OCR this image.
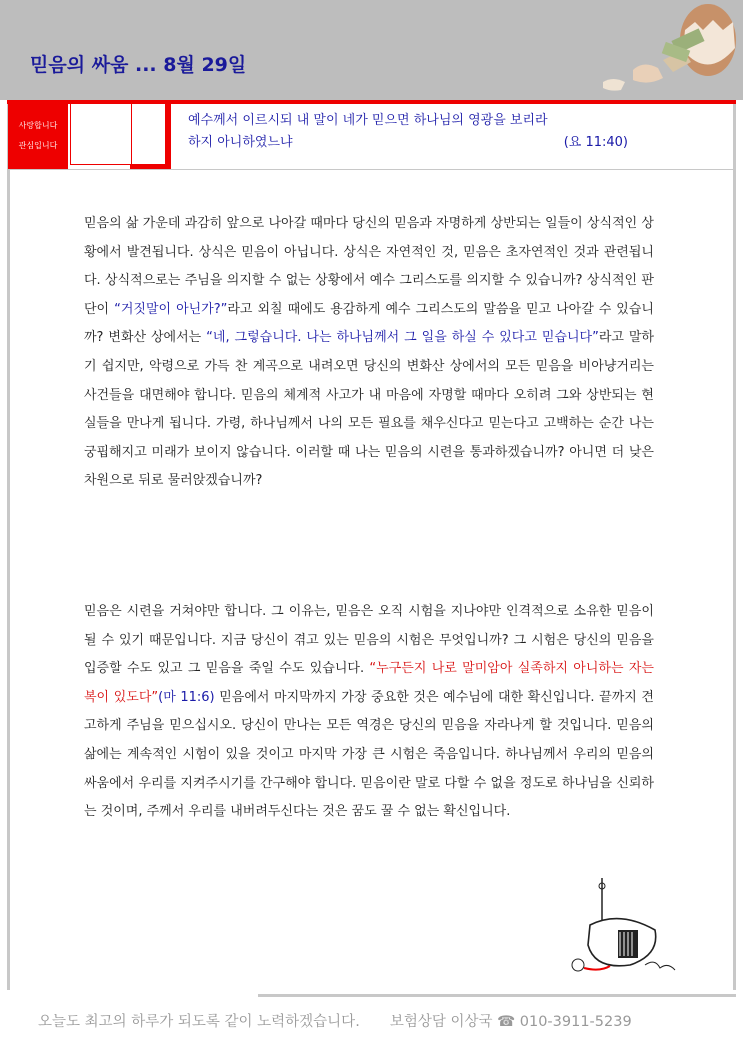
믿음의 싸움 ... 8월 29일
사랑합니다
관심입니다
예수께서 이르시되 내 말이 네가 믿으면 하나님의 영광을 보리라
하지 아니하였느냐	(요 11:40)
믿음의 삶 가운데 과감히 앞으로 나아갈 때마다 당신의 믿음과 자명하게 상반되는 일들이 상식적인 상황에서 발견됩니다. 상식은 믿음이 아닙니다. 상식은 자연적인 것, 믿음은 초자연적인 것과 관련됩니다. 상식적으로는 주님을 의지할 수 없는 상황에서 예수 그리스도를 의지할 수 있습니까? 상식적인 판단이 “거짓말이 아닌가?”라고 외칠 때에도 용감하게 예수 그리스도의 말씀을 믿고 나아갈 수 있습니까? 변화산 상에서는 “네, 그렇습니다. 나는 하나님께서 그 일을 하실 수 있다고 믿습니다”라고 말하기 쉽지만, 악령으로 가득 찬 계곡으로 내려오면 당신의 변화산 상에서의 모든 믿음을 비아냥거리는 사건들을 대면해야 합니다. 믿음의 체계적 사고가 내 마음에 자명할 때마다 오히려 그와 상반되는 현실들을 만나게 됩니다. 가령, 하나님께서 나의 모든 필요를 채우신다고 믿는다고 고백하는 순간 나는 궁핍해지고 미래가 보이지 않습니다. 이러할 때 나는 믿음의 시련을 통과하겠습니까? 아니면 더 낮은 차원으로 뒤로 물러앉겠습니까?
믿음은 시련을 거쳐야만 합니다. 그 이유는, 믿음은 오직 시험을 지나야만 인격적으로 소유한 믿음이 될 수 있기 때문입니다. 지금 당신이 겪고 있는 믿음의 시험은 무엇입니까? 그 시험은 당신의 믿음을 입증할 수도 있고 그 믿음을 죽일 수도 있습니다. “누구든지 나로 말미암아 실족하지 아니하는 자는 복이 있도다”(마 11:6) 믿음에서 마지막까지 가장 중요한 것은 예수님에 대한 확신입니다. 끝까지 견고하게 주님을 믿으십시오. 당신이 만나는 모든 역경은 당신의 믿음을 자라나게 할 것입니다. 믿음의 삶에는 계속적인 시험이 있을 것이고 마지막 가장 큰 시험은 죽음입니다. 하나님께서 우리의 믿음의 싸움에서 우리를 지켜주시기를 간구해야 합니다. 믿음이란 말로 다할 수 없을 정도로 하나님을 신뢰하는 것이며, 주께서 우리를 내버려두신다는 것은 꿈도 꿀 수 없는 확신입니다.
오늘도 최고의 하루가 되도록 같이 노력하겠습니다. 보험상담 이상국 ☎ 010-3911-5239
